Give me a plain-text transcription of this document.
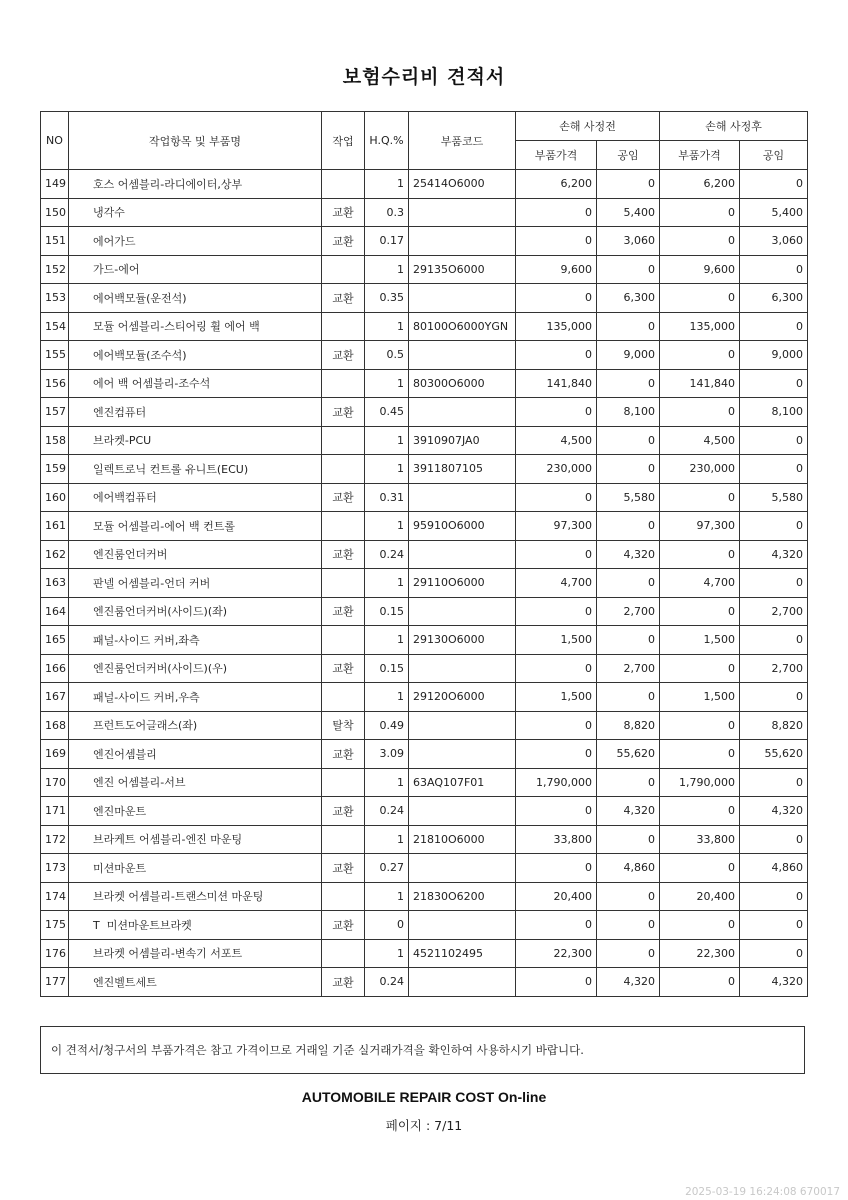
보험수리비 견적서
NO	작업항목 및 부품명	작업	H.Q.%	부품코드	손해 사정전		손해 사정후	
					부품가격	공임	부품가격	공임
149	호스 어셈블리-라디에이터,상부		1	25414O6000	6,200	0	6,200	0
150	냉각수	교환	0.3		0	5,400	0	5,400
151	에어가드	교환	0.17		0	3,060	0	3,060
152	가드-에어		1	29135O6000	9,600	0	9,600	0
153	에어백모듈(운전석)	교환	0.35		0	6,300	0	6,300
154	모듈 어셈블리-스티어링 휠 에어 백		1	80100O6000YGN	135,000	0	135,000	0
155	에어백모듈(조수석)	교환	0.5		0	9,000	0	9,000
156	에어 백 어셈블리-조수석		1	80300O6000	141,840	0	141,840	0
157	엔진컴퓨터	교환	0.45		0	8,100	0	8,100
158	브라켓-PCU		1	3910907JA0	4,500	0	4,500	0
159	일렉트로닉 컨트롤 유니트(ECU)		1	3911807105	230,000	0	230,000	0
160	에어백컴퓨터	교환	0.31		0	5,580	0	5,580
161	모듈 어셈블리-에어 백 컨트롤		1	95910O6000	97,300	0	97,300	0
162	엔진룸언더커버	교환	0.24		0	4,320	0	4,320
163	판넬 어셈블리-언더 커버		1	29110O6000	4,700	0	4,700	0
164	엔진룸언더커버(사이드)(좌)	교환	0.15		0	2,700	0	2,700
165	패널-사이드 커버,좌측		1	29130O6000	1,500	0	1,500	0
166	엔진룸언더커버(사이드)(우)	교환	0.15		0	2,700	0	2,700
167	패널-사이드 커버,우측		1	29120O6000	1,500	0	1,500	0
168	프런트도어글래스(좌)	탈착	0.49		0	8,820	0	8,820
169	엔진어셈블리	교환	3.09		0	55,620	0	55,620
170	엔진 어셈블리-서브		1	63AQ107F01	1,790,000	0	1,790,000	0
171	엔진마운트	교환	0.24		0	4,320	0	4,320
172	브라케트 어셈블리-엔진 마운팅		1	21810O6000	33,800	0	33,800	0
173	미션마운트	교환	0.27		0	4,860	0	4,860
174	브라켓 어셈블리-트랜스미션 마운팅		1	21830O6200	20,400	0	20,400	0
175	T  미션마운트브라켓	교환	0		0	0	0	0
176	브라켓 어셈블리-변속기 서포트		1	4521102495	22,300	0	22,300	0
177	엔진벨트세트	교환	0.24		0	4,320	0	4,320
이 견적서/청구서의 부품가격은 참고 가격이므로 거래일 기준 실거래가격을 확인하여 사용하시기 바랍니다.
AUTOMOBILE REPAIR COST On-line
페이지 : 7/11
2025-03-19 16:24:08 670017
